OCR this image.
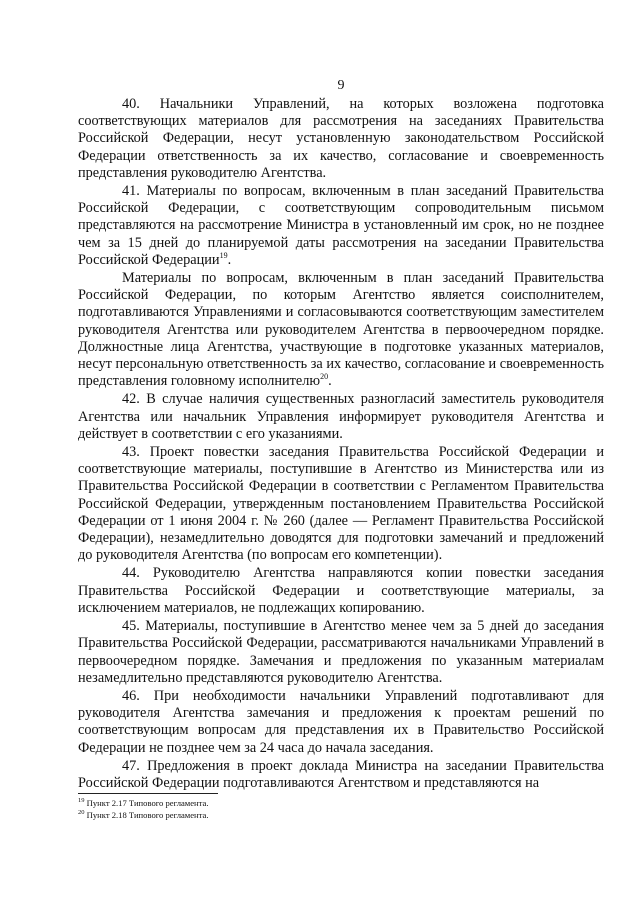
9

40. Начальники Управлений, на которых возложена подготовка соответствующих материалов для рассмотрения на заседаниях Правительства Российской Федерации, несут установленную законодательством Российской Федерации ответственность за их качество, согласование и своевременность представления руководителю Агентства.

41. Материалы по вопросам, включенным в план заседаний Правительства Российской Федерации, с соответствующим сопроводительным письмом представляются на рассмотрение Министра в установленный им срок, но не позднее чем за 15 дней до планируемой даты рассмотрения на заседании Правительства Российской Федерации$^{19}$.

Материалы по вопросам, включенным в план заседаний Правительства Российской Федерации, по которым Агентство является соисполнителем, подготавливаются Управлениями и согласовываются соответствующим заместителем руководителя Агентства или руководителем Агентства в первоочередном порядке. Должностные лица Агентства, участвующие в подготовке указанных материалов, несут персональную ответственность за их качество, согласование и своевременность представления головному исполнителю$^{20}$.

42. В случае наличия существенных разногласий заместитель руководителя Агентства или начальник Управления информирует руководителя Агентства и действует в соответствии с его указаниями.

43. Проект повестки заседания Правительства Российской Федерации и соответствующие материалы, поступившие в Агентство из Министерства или из Правительства Российской Федерации в соответствии с Регламентом Правительства Российской Федерации, утвержденным постановлением Правительства Российской Федерации от 1 июня 2004 г. № 260 (далее — Регламент Правительства Российской Федерации), незамедлительно доводятся для подготовки замечаний и предложений до руководителя Агентства (по вопросам его компетенции).

44. Руководителю Агентства направляются копии повестки заседания Правительства Российской Федерации и соответствующие материалы, за исключением материалов, не подлежащих копированию.

45. Материалы, поступившие в Агентство менее чем за 5 дней до заседания Правительства Российской Федерации, рассматриваются начальниками Управлений в первоочередном порядке. Замечания и предложения по указанным материалам незамедлительно представляются руководителю Агентства.

46. При необходимости начальники Управлений подготавливают для руководителя Агентства замечания и предложения к проектам решений по соответствующим вопросам для представления их в Правительство Российской Федерации не позднее чем за 24 часа до начала заседания.

47. Предложения в проект доклада Министра на заседании Правительства Российской Федерации подготавливаются Агентством и представляются на

$^{19}$ Пункт 2.17 Типового регламента.
$^{20}$ Пункт 2.18 Типового регламента.
